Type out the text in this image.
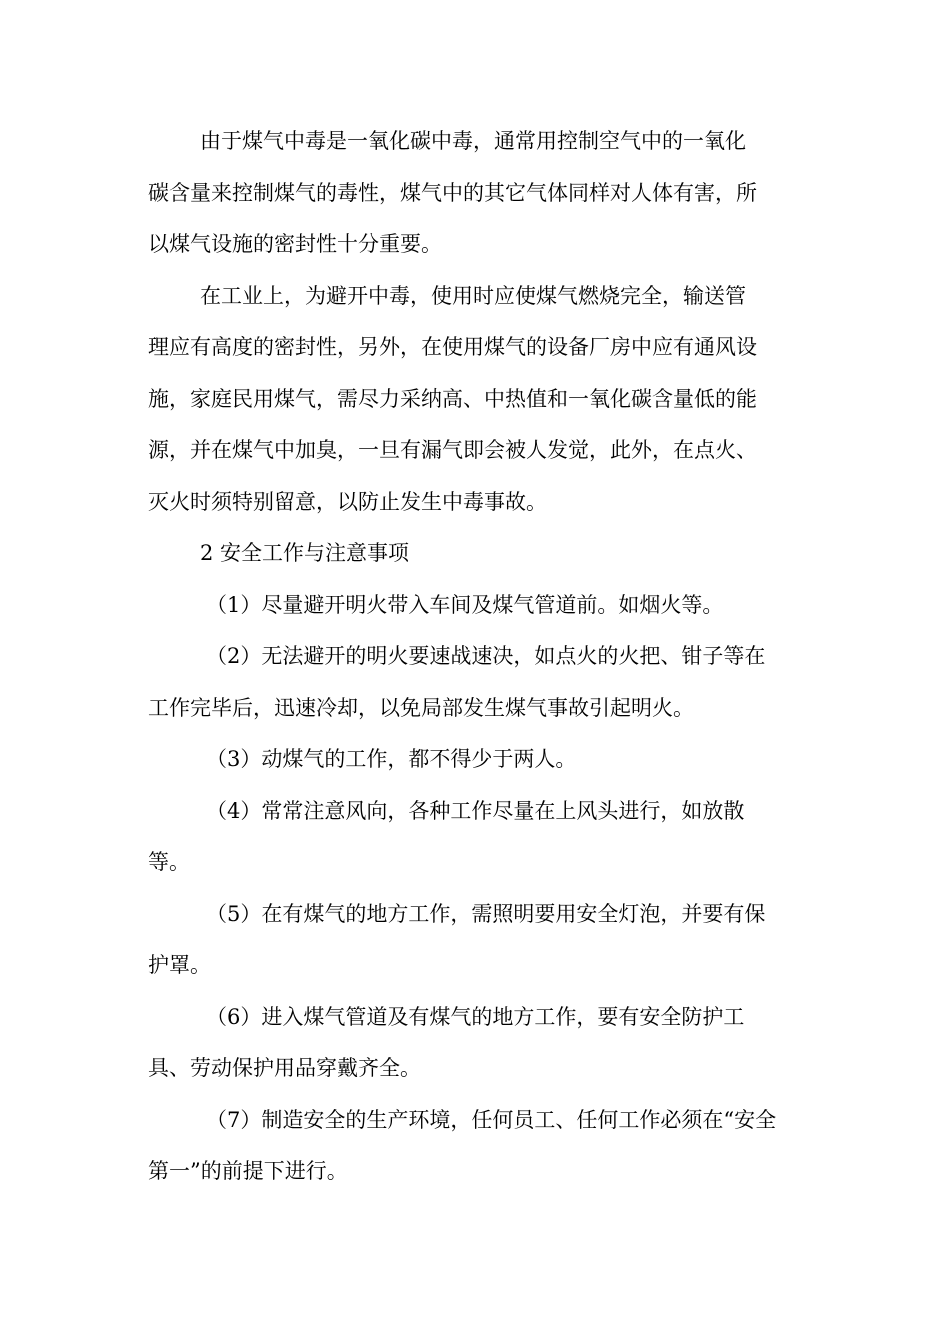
由于煤气中毒是一氧化碳中毒，通常用控制空气中的一氧化
碳含量来控制煤气的毒性，煤气中的其它气体同样对人体有害，所
以煤气设施的密封性十分重要。
在工业上，为避开中毒，使用时应使煤气燃烧完全，输送管
理应有高度的密封性，另外，在使用煤气的设备厂房中应有通风设
施，家庭民用煤气，需尽力采纳高、中热值和一氧化碳含量低的能
源，并在煤气中加臭，一旦有漏气即会被人发觉，此外，在点火、
灭火时须特别留意，以防止发生中毒事故。
2 安全工作与注意事项
（1）尽量避开明火带入车间及煤气管道前。如烟火等。
（2）无法避开的明火要速战速决，如点火的火把、钳子等在
工作完毕后，迅速冷却，以免局部发生煤气事故引起明火。
（3）动煤气的工作，都不得少于两人。
（4）常常注意风向，各种工作尽量在上风头进行，如放散
等。
（5）在有煤气的地方工作，需照明要用安全灯泡，并要有保
护罩。
（6）进入煤气管道及有煤气的地方工作，要有安全防护工
具、劳动保护用品穿戴齐全。
（7）制造安全的生产环境，任何员工、任何工作必须在“安全
第一”的前提下进行。
